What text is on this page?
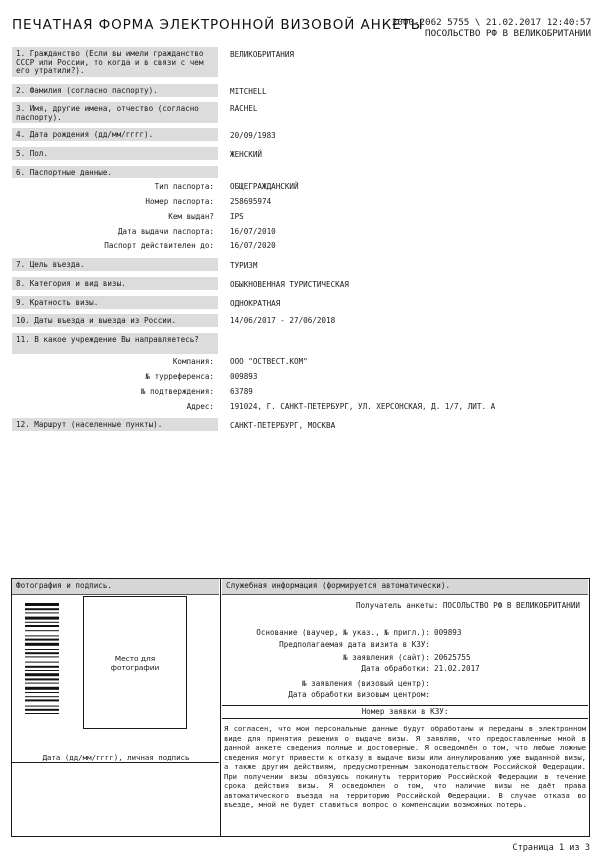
ПЕЧАТНАЯ ФОРМА ЭЛЕКТРОННОЙ ВИЗОВОЙ АНКЕТЫ
2000-2062 5755 \ 21.02.2017 12:40:57
ПОСОЛЬСТВО РФ В ВЕЛИКОБРИТАНИИ
1. Гражданство (Если вы имели гражданство СССР или России, то когда и в связи с чем его утратили?).
ВЕЛИКОБРИТАНИЯ
2. Фамилия (согласно паспорту).	MITCHELL
3. Имя, другие имена, отчество (согласно паспорту).
RACHEL
4. Дата рождения (дд/мм/гггг).	20/09/1983
5. Пол.	ЖЕНСКИЙ
6. Паспортные данные.
Тип паспорта: ОБЩЕГРАЖДАНСКИЙ
Номер паспорта: 258695974
Кем выдан? IPS
Дата выдачи паспорта: 16/07/2010
Паспорт действителен до: 16/07/2020
7. Цель въезда.	ТУРИЗМ
8. Категория и вид визы.	ОБЫКНОВЕННАЯ ТУРИСТИЧЕСКАЯ
9. Кратность визы.	ОДНОКРАТНАЯ
10. Даты въезда и выезда из России.	14/06/2017 - 27/06/2018
11. В какое учреждение Вы направляетесь?
Компания: ООО "ОСТВЕСТ.КОМ"
№ турреференса: 009893
№ подтверждения: 63789
Адрес: 191024, Г. САНКТ-ПЕТЕРБУРГ, УЛ. ХЕРСОНСКАЯ, Д. 1/7, ЛИТ. А
12. Маршрут (населенные пункты).	САНКТ-ПЕТЕРБУРГ, МОСКВА
Фотография и подпись.
Место для фотографии
Дата (дд/мм/гггг), личная подпись
Служебная информация (формируется автоматически).
Получатель анкеты: ПОСОЛЬСТВО РФ В ВЕЛИКОБРИТАНИИ
Основание (ваучер, № указ., № пригл.): 009893
Предполагаемая дата визита в КЗУ:
№ заявления (сайт): 20625755
Дата обработки: 21.02.2017
№ заявления (визовый центр):
Дата обработки визовым центром:
Номер заявки в КЗУ:
Я согласен, что мои персональные данные будут обработаны и переданы в электронном виде для принятия решения о выдаче визы. Я заявляю, что предоставленные мной в данной анкете сведения полные и достоверные. Я осведомлён о том, что любые ложные сведения могут привести к отказу в выдаче визы или аннулированию уже выданной визы, а также другим действиям, предусмотренным законодательством Российской Федерации. При получении визы обязуюсь покинуть территорию Российской Федерации в течение срока действия визы. Я осведомлен о том, что наличие визы не даёт права автоматического въезда на территорию Российской Федерации. В случае отказа во въезде, мной не будет ставиться вопрос о компенсации возможных потерь.
Страница 1 из 3
